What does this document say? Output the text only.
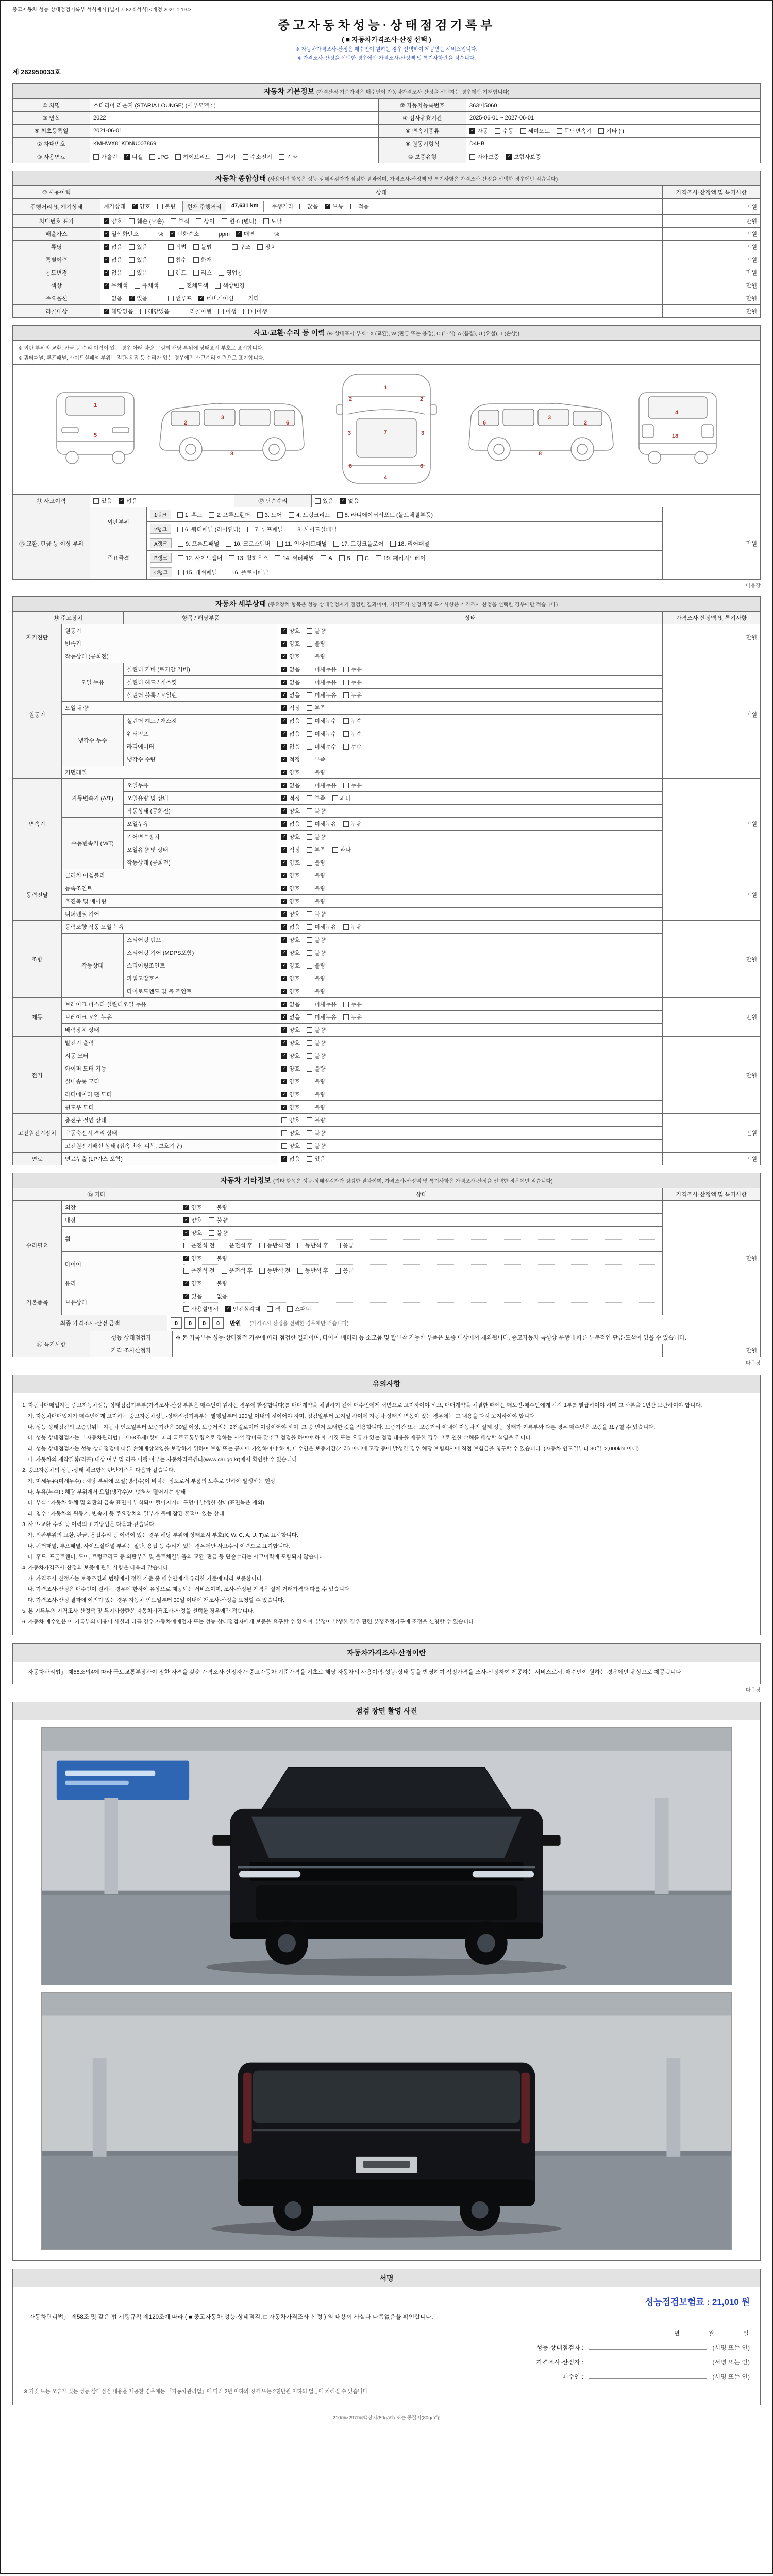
중고자동차 성능·상태점검기록부 서식예시 [별지 제82호서식] <개정 2021.1.19.>
중고자동차성능·상태점검기록부
( ■ 자동차가격조사·산정 선택 )
※ 자동차가격조사·산정은 매수인이 원하는 경우 선택하여 제공받는 서비스입니다.
※ 가격조사·산정을 선택한 경우에만 가격조사·산정액 및 특기사항란을 적습니다.
제 262950033호
자동차 기본정보 (가격산정 기준가격은 매수인이 자동차가격조사·산정을 선택하는 경우에만 기재합니다)			
① 차명	스타리아 라운지 (STARIA LOUNGE) (세부모델 : )	② 자동차등록번호	363머5060
③ 연식	2022	④ 검사유효기간	2025-06-01 ~ 2027-06-01
⑤ 최초등록일	2021-06-01	⑥ 변속기종류	✓자동 수동 세미오토 무단변속기 기타 ( )
⑦ 차대번호	KMHWX81KDNU007869	⑧ 원동기형식	D4HB
⑨ 사용연료	가솔린 ✓ 디젤 LPG 하이브리드 전기 수소전기 기타	⑩ 보증유형	자가보증 ✓ 보험사보증
자동차 종합상태 (사용이력 항목은 성능·상태점검자가 점검한 결과이며, 가격조사·산정액 및 특기사항은 가격조사·산정을 선택한 경우에만 적습니다)		
⑩ 사용이력	상태	가격조사·산정액 및 특기사항
주행거리 및 계기상태	계기상태 ✓ 양호 불량 현재 주행거리 47,631 km 주행거리 많음 ✓ 보통 적음	만원
차대번호 표기	✓양호 훼손 (오손) 부식 상이 변조 (변타) 도말	만원
배출가스	✓일산화탄소　　 % ✓ 탄화수소　　 ppm ✓ 매연　　 %	만원
튜닝	✓없음 있음 적법 불법 구조 장치	만원
특별이력	✓없음 있음 침수 화재	만원
용도변경	✓없음 있음 렌트 리스 영업용	만원
색상	✓무채색 유채색 전체도색 색상변경	만원
주요옵션	없음 ✓ 있음 썬루프 ✓ 네비게이션 기타	만원
리콜대상	✓해당없음 해당있음 리콜이행 이행 미이행	만원
사고·교환·수리 등 이력 (※ 상태표시 부호 : X (교환), W (판금 또는 용접), C (부식), A (흠집), U (요철), T (손상))

※ 외판 부위의 교환, 판금 등 수리 이력이 있는 경우 아래 차량 그림의 해당 부위에 상태표시 부호로 표시합니다.
※ 쿼터패널, 루프패널, 사이드실패널 부위는 절단·용접 등 수리가 있는 경우에만 사고수리 이력으로 표기합니다.

1
5
2
3
6
8
1
7
4
2	2
3	3
6	6
2
3
6
8
4
18

⑪ 사고이력	있음 ✓	없음	⑫ 단순수리	있음 ✓	없음
⑬ 교환, 판금 등 이상 부위	외판부위	1랭크 1. 후드 2. 프론트휀더 3. 도어 4. 트렁크리드 5. 라디에이터서포트 (볼트체결부품)	만원
		2랭크 6. 쿼터패널 (리어휀더) 7. 루프패널 8. 사이드실패널	
	주요골격	A랭크 9. 프론트패널 10. 크로스멤버 11. 인사이드패널 17. 트렁크플로어 18. 리어패널	
		B랭크 12. 사이드멤버 13. 휠하우스 14. 필러패널 A B C 19. 패키지트레이	
		C랭크 15. 대쉬패널 16. 플로어패널	
다음장
자동차 세부상태 (주요장치 항목은 성능·상태점검자가 점검한 결과이며, 가격조사·산정액 및 특기사항은 가격조사·산정을 선택한 경우에만 적습니다)				
⑭ 주요장치		항목 / 해당부품	상태	가격조사·산정액 및 특기사항
자기진단	원동기	✓양호 불량	만원
	변속기	✓양호 불량
원동기	작동상태 (공회전)	✓양호 불량	만원
	오일 누유	실린더 커버 (로커암 커버)	✓없음 미세누유 누유
		실린더 헤드 / 개스킷	✓없음 미세누유 누유
		실린더 블록 / 오일팬	✓없음 미세누유 누유
	오일 유량	✓적정 부족
	냉각수 누수	실린더 헤드 / 개스킷	✓없음 미세누수 누수
		워터펌프	✓없음 미세누수 누수
		라디에이터	✓없음 미세누수 누수
		냉각수 수량	✓적정 부족
	커먼레일	✓양호 불량
변속기	자동변속기 (A/T)	오일누유	✓없음 미세누유 누유	만원
		오일유량 및 상태	✓적정 부족 과다
		작동상태 (공회전)	✓양호 불량
	수동변속기 (M/T)	오일누유	✓없음 미세누유 누유
		기어변속장치	✓양호 불량
		오일유량 및 상태	✓적정 부족 과다
		작동상태 (공회전)	✓양호 불량
동력전달	클러치 어셈블리	✓양호 불량	만원
	등속조인트	✓양호 불량
	추진축 및 베어링	✓양호 불량
	디퍼렌셜 기어	✓양호 불량
조향	동력조향 작동 오일 누유	✓없음 미세누유 누유	만원
	작동상태	스티어링 펌프	✓양호 불량
		스티어링 기어 (MDPS포함)	✓양호 불량
		스티어링조인트	✓양호 불량
		파워고압호스	✓양호 불량
		타이로드엔드 및 볼 조인트	✓양호 불량
제동	브레이크 마스터 실린더오일 누유	✓없음 미세누유 누유	만원
	브레이크 오일 누유	✓없음 미세누유 누유
	배력장치 상태	✓양호 불량
전기	발전기 출력	✓양호 불량	만원
	시동 모터	✓양호 불량
	와이퍼 모터 기능	✓양호 불량
	실내송풍 모터	✓양호 불량
	라디에이터 팬 모터	✓양호 불량
	윈도우 모터	✓양호 불량
고전원전기장치	충전구 절연 상태		양호 불량	만원
	구동축전지 격리 상태		양호 불량	
	고전원전기배선 상태 (접속단자, 피복, 보호기구)		양호 불량	
연료	연료누출 (LP가스 포함)	✓없음 있음	만원
자동차 기타정보 (기타 항목은 성능·상태점검자가 점검한 결과이며, 가격조사·산정액 및 특기사항은 가격조사·산정을 선택한 경우에만 적습니다)			
⑮ 기타		상태	가격조사·산정액 및 특기사항
수리필요	외장	✓양호 불량	만원
	내장	✓양호 불량
	휠	✓양호 불량
운전석 전 운전석 후 동반석 전 동반석 후 응급

	타이어	✓양호 불량
운전석 전 운전석 후 동반석 전 동반석 후 응급

	유리	✓양호 불량
기본품목	보유상태	✓있음 없음
사용설명서 ✓ 안전삼각대 잭 스패너
최종 가격조사·산정 금액	0 0 0 0 만원 (가격조사·산정을 선택한 경우에만 적습니다)
⑯ 특기사항	성능·상태점검자	※ 본 기록부는 성능·상태점검 기준에 따라 점검한 결과이며, 타이어·배터리 등 소모품 및 탈부착 가능한 부품은 보증 대상에서 제외됩니다. 중고자동차 특성상 운행에 따른 부분적인 판금·도색이 있을 수 있습니다.	
	가격·조사산정자		만원
다음장
유의사항
1. 자동차매매업자는 중고자동차성능·상태점검기록부(가격조사·산정 부분은 매수인이 원하는 경우에 한정합니다)를 매매계약을 체결하기 전에 매수인에게 서면으로 고지하여야 하고, 매매계약을 체결한 때에는 매도인·매수인에게 각각 1부를 발급하여야 하며 그 사본을 1년간 보관하여야 합니다.
　가. 자동차매매업자가 매수인에게 고지하는 중고자동차성능·상태점검기록부는 발행일부터 120일 이내의 것이어야 하며, 점검일부터 고지일 사이에 자동차 상태의 변동이 있는 경우에는 그 내용을 다시 고지하여야 합니다.
　나. 성능·상태점검의 보증범위는 자동차 인도일부터 보증기간은 30일 이상, 보증거리는 2천킬로미터 이상이어야 하며, 그 중 먼저 도래한 것을 적용합니다. 보증기간 또는 보증거리 이내에 자동차의 실제 성능·상태가 기록부와 다른 경우 매수인은 보증을 요구할 수 있습니다.
　다. 성능·상태점검자는 「자동차관리법」 제58조제1항에 따라 국토교통부령으로 정하는 시설·장비를 갖추고 점검을 하여야 하며, 거짓 또는 오류가 있는 점검 내용을 제공한 경우 그로 인한 손해를 배상할 책임을 집니다.
　라. 성능·상태점검자는 성능·상태점검에 따른 손해배상책임을 보장하기 위하여 보험 또는 공제에 가입하여야 하며, 매수인은 보증기간(거리) 이내에 고장 등이 발생한 경우 해당 보험회사에 직접 보험금을 청구할 수 있습니다. (자동차 인도일부터 30일, 2,000km 이내)
　마. 자동차의 제작결함(리콜) 대상 여부 및 리콜 이행 여부는 자동차리콜센터(www.car.go.kr)에서 확인할 수 있습니다.
2. 중고자동차의 성능·상태 체크항목 판단기준은 다음과 같습니다.
　가. 미세누유(미세누수) : 해당 부위에 오일(냉각수)이 비치는 정도로서 부품의 노후로 인하여 발생하는 현상
　나. 누유(누수) : 해당 부위에서 오일(냉각수)이 맺혀서 떨어지는 상태
　다. 부식 : 자동차 하체 및 외판의 금속 표면이 부식되어 떨어지거나 구멍이 발생한 상태(표면녹은 제외)
　라. 침수 : 자동차의 원동기, 변속기 등 주요장치의 일부가 물에 잠긴 흔적이 있는 상태
3. 사고·교환·수리 등 이력의 표기방법은 다음과 같습니다.
　가. 외판부위의 교환, 판금, 용접수리 등 이력이 있는 경우 해당 부위에 상태표시 부호(X, W, C, A, U, T)로 표시합니다.
　나. 쿼터패널, 루프패널, 사이드실패널 부위는 절단, 용접 등 수리가 있는 경우에만 사고수리 이력으로 표기합니다.
　다. 후드, 프론트휀더, 도어, 트렁크리드 등 외판부위 및 볼트체결부품의 교환, 판금 등 단순수리는 사고이력에 포함되지 않습니다.
4. 자동차가격조사·산정의 보증에 관한 사항은 다음과 같습니다.
　가. 가격조사·산정자는 보증조건과 법령에서 정한 기준 중 매수인에게 유리한 기준에 따라 보증합니다.
　나. 가격조사·산정은 매수인이 원하는 경우에 한하여 유상으로 제공되는 서비스이며, 조사·산정된 가격은 실제 거래가격과 다를 수 있습니다.
　다. 가격조사·산정 결과에 이의가 있는 경우 자동차 인도일부터 30일 이내에 재조사·산정을 요청할 수 있습니다.
5. 본 기록부의 가격조사·산정액 및 특기사항란은 자동차가격조사·산정을 선택한 경우에만 적습니다.
6. 자동차 매수인은 이 기록부의 내용이 사실과 다를 경우 자동차매매업자 또는 성능·상태점검자에게 보증을 요구할 수 있으며, 분쟁이 발생한 경우 관련 분쟁조정기구에 조정을 신청할 수 있습니다.
자동차가격조사·산정이란
「자동차관리법」 제58조의4에 따라 국토교통부장관이 정한 자격을 갖춘 가격조사·산정자가 중고자동차 기준가격을 기초로 해당 자동차의 사용이력·성능·상태 등을 반영하여 적정가격을 조사·산정하여 제공하는 서비스로서, 매수인이 원하는 경우에만 유상으로 제공됩니다.
다음장
점검 장면 촬영 사진
서명
성능점검보험료 : 21,010 원
「자동차관리법」 제58조 및 같은 법 시행규칙 제120조에 따라 ( ■ 중고자동차 성능·상태점검, □ 자동차가격조사·산정 ) 의 내용이 사실과 다름없음을 확인합니다.
년　　　　월　　　　일
성능·상태점검자 :	(서명 또는 인)
가격조사·산정자 :	(서명 또는 인)
매수인 :	(서명 또는 인)
※ 거짓 또는 오류가 있는 성능·상태점검 내용을 제공한 경우에는 「자동차관리법」에 따라 2년 이하의 징역 또는 2천만원 이하의 벌금에 처해질 수 있습니다.
210㎜×297㎜[백상지(80g/㎡) 또는 중질지(80g/㎡)]
